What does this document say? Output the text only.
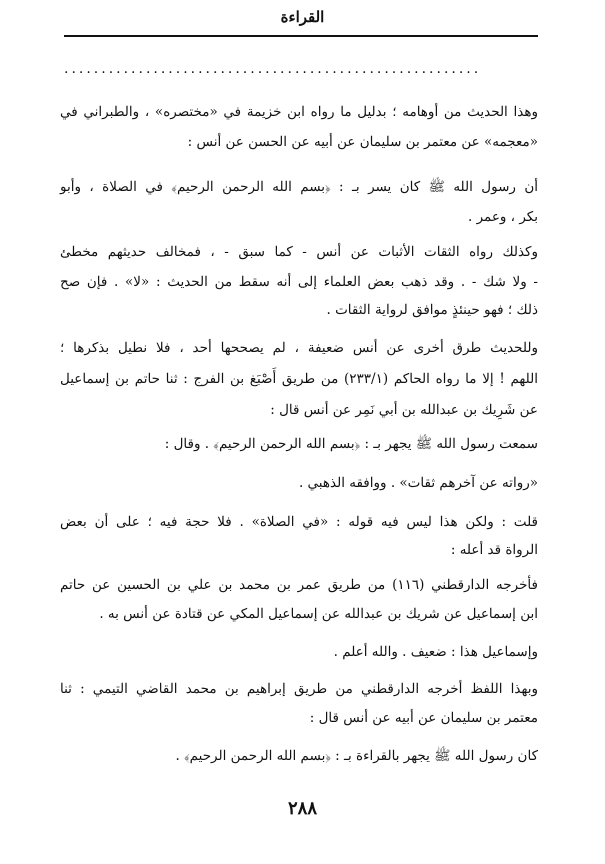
القراءة
........................................................
وهذا الحديث من أوهامه ؛ بدليل ما رواه ابن خزيمة في «مختصره» ، والطبراني في
«معجمه» عن معتمر بن سليمان عن أبيه عن الحسن عن أنس :
أن رسول الله ﷺ كان يسر بـ : ﴿بسم الله الرحمن الرحيم﴾ في الصلاة ، وأبو
بكر ، وعمر .
وكذلك رواه الثقات الأثبات عن أنس - كما سبق - ، فمخالف حديثهم مخطئ
- ولا شك - . وقد ذهب بعض العلماء إلى أنه سقط من الحديث : «لا» . فإن صح
ذلك ؛ فهو حينئذٍ موافق لرواية الثقات .
وللحديث طرق أخرى عن أنس ضعيفة ، لم يصححها أحد ، فلا نطيل بذكرها ؛
اللهم ! إلا ما رواه الحاكم (٢٣٣/١) من طريق أَصْبَغ بن الفرج : ثنا حاتم بن إسماعيل
عن شَرِيك بن عبدالله بن أبي نَمِر عن أنس قال :
سمعت رسول الله ﷺ يجهر بـ : ﴿بسم الله الرحمن الرحيم﴾ . وقال :
«رواته عن آخرهم ثقات» . ووافقه الذهبي .
قلت : ولكن هذا ليس فيه قوله : «في الصلاة» . فلا حجة فيه ؛ على أن بعض
الرواة قد أعله :
فأخرجه الدارقطني (١١٦) من طريق عمر بن محمد بن علي بن الحسين عن حاتم
ابن إسماعيل عن شريك بن عبدالله عن إسماعيل المكي عن قتادة عن أنس به .
وإسماعيل هذا : ضعيف . والله أعلم .
وبهذا اللفظ أخرجه الدارقطني من طريق إبراهيم بن محمد القاضي التيمي : ثنا
معتمر بن سليمان عن أبيه عن أنس قال :
كان رسول الله ﷺ يجهر بالقراءة بـ : ﴿بسم الله الرحمن الرحيم﴾ .
٢٨٨
